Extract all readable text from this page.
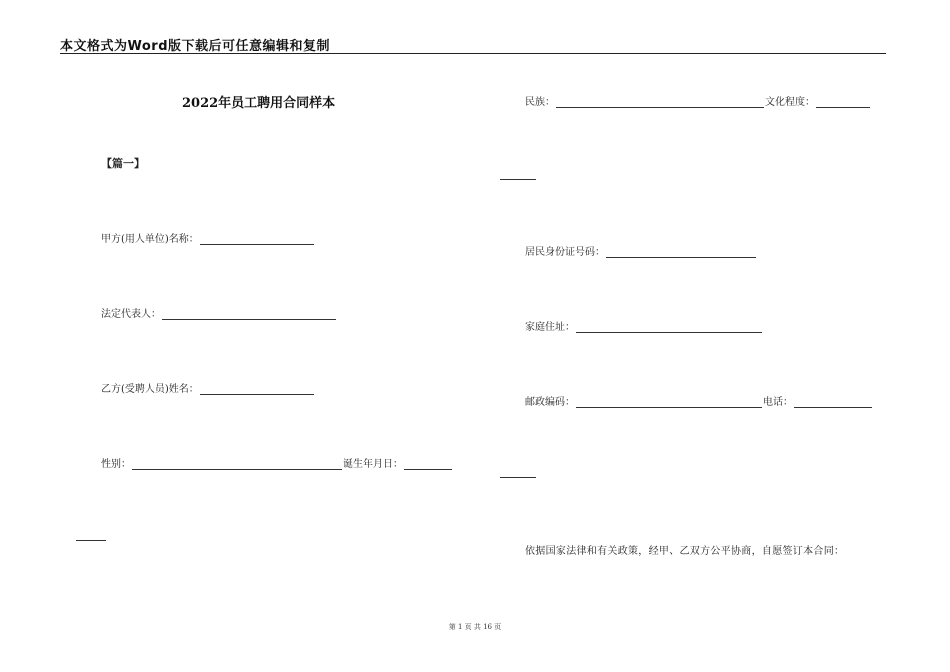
本文格式为Word版下载后可任意编辑和复制
2022年员工聘用合同样本
【篇一】
甲方(用人单位)名称：
法定代表人：
乙方(受聘人员)姓名：
性别：	诞生年月日：
民族：	文化程度：
居民身份证号码：
家庭住址：
邮政编码：	电话：
依据国家法律和有关政策，经甲、乙双方公平协商，自愿签订本合同：
第 1 页 共 16 页
